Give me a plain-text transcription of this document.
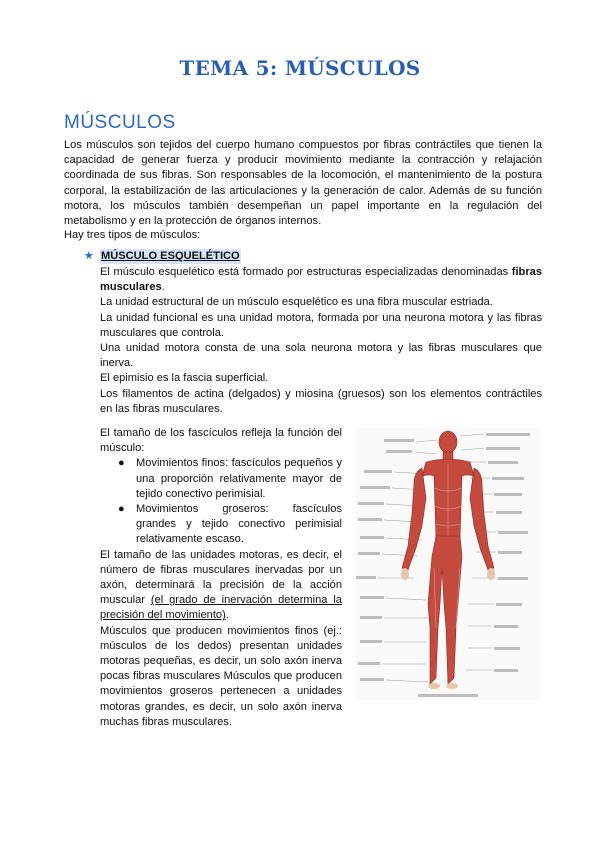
TEMA 5: MÚSCULOS
MÚSCULOS

Los músculos son tejidos del cuerpo humano compuestos por fibras contráctiles que tienen la capacidad de generar fuerza y producir movimiento mediante la contracción y relajación coordinada de sus fibras. Son responsables de la locomoción, el mantenimiento de la postura corporal, la estabilización de las articulaciones y la generación de calor. Además de su función motora, los músculos también desempeñan un papel importante en la regulación del metabolismo y en la protección de órganos internos.

Hay tres tipos de músculos:

★ MÚSCULO ESQUELÉTICO

El músculo esquelético está formado por estructuras especializadas denominadas fibras musculares.

La unidad estructural de un músculo esquelético es una fibra muscular estriada.

La unidad funcional es una unidad motora, formada por una neurona motora y las fibras musculares que controla.

Una unidad motora consta de una sola neurona motora y las fibras musculares que inerva.

El epimisio es la fascia superficial.

Los filamentos de actina (delgados) y miosina (gruesos) son los elementos contráctiles en las fibras musculares.

El tamaño de los fascículos refleja la función del músculo:

● Movimientos finos: fascículos pequeños y una proporción relativamente mayor de tejido conectivo perimisial.
● Movimientos groseros: fascículos grandes y tejido conectivo perimisial relativamente escaso.

El tamaño de las unidades motoras, es decir, el número de fibras musculares inervadas por un axón, determinará la precisión de la acción muscular (el grado de inervación determina la precisión del movimiento).

Músculos que producen movimientos finos (ej.: músculos de los dedos) presentan unidades motoras pequeñas, es decir, un solo axón inerva pocas fibras musculares Músculos que producen movimientos groseros pertenecen a unidades motoras grandes, es decir, un solo axón inerva muchas fibras musculares.
